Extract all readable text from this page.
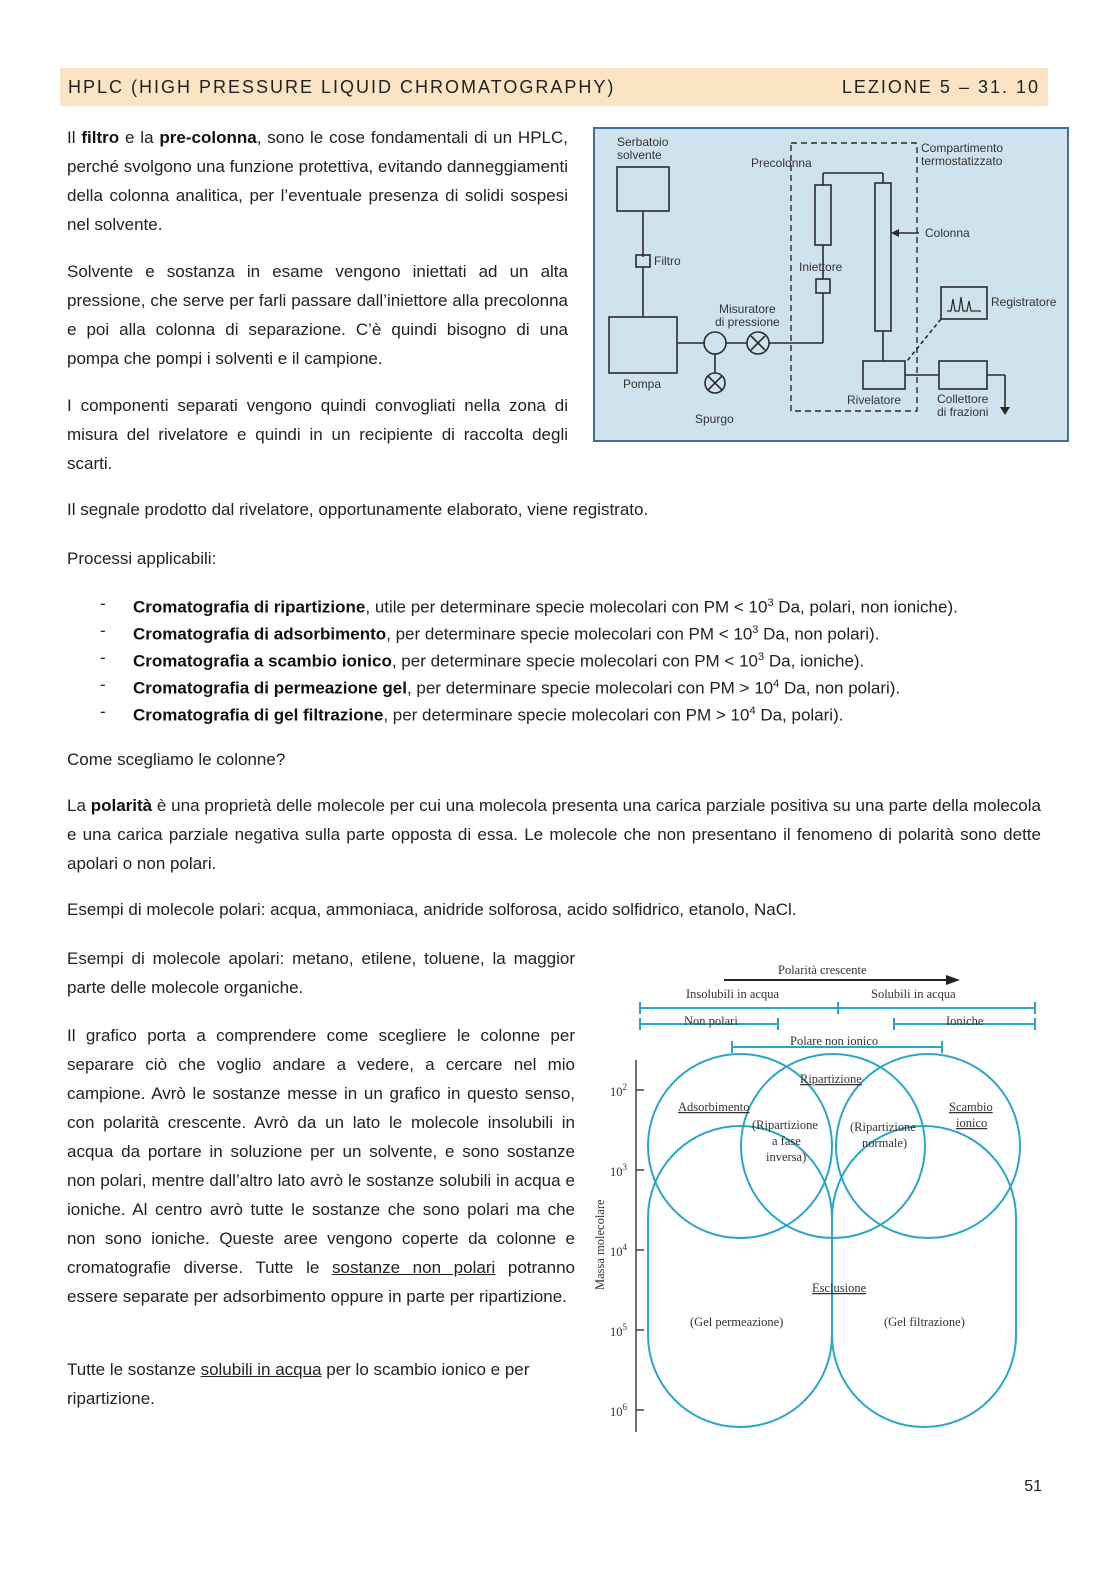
HPLC (HIGH PRESSURE LIQUID CHROMATOGRAPHY)	LEZIONE 5 – 31. 10

Il filtro e la pre-colonna, sono le cose fondamentali di un HPLC, perché svolgono una funzione protettiva, evitando danneggiamenti della colonna analitica, per l’eventuale presenza di solidi sospesi nel solvente.

Solvente e sostanza in esame vengono iniettati ad un alta pressione, che serve per farli passare dall’iniettore alla precolonna e poi alla colonna di separazione. C’è quindi bisogno di una pompa che pompi i solventi e il campione.

I componenti separati vengono quindi convogliati nella zona di misura del rivelatore e quindi in un recipiente di raccolta degli scarti.

Serbatoio
solvente
Filtro
Pompa
Spurgo
Misuratore
di pressione
Precolonna
Iniettore
Colonna
Compartimento
termostatizzato
Registratore
Rivelatore	Collettore
di frazioni

Il segnale prodotto dal rivelatore, opportunamente elaborato, viene registrato.

Processi applicabili:

- Cromatografia di ripartizione, utile per determinare specie molecolari con PM < $10^3$ Da, polari, non ioniche).
- Cromatografia di adsorbimento, per determinare specie molecolari con PM < $10^3$ Da, non polari).
- Cromatografia a scambio ionico, per determinare specie molecolari con PM < $10^3$ Da, ioniche).
- Cromatografia di permeazione gel, per determinare specie molecolari con PM > $10^4$ Da, non polari).
- Cromatografia di gel filtrazione, per determinare specie molecolari con PM > $10^4$ Da, polari).

Come scegliamo le colonne?

La polarità è una proprietà delle molecole per cui una molecola presenta una carica parziale positiva su una parte della molecola e una carica parziale negativa sulla parte opposta di essa. Le molecole che non presentano il fenomeno di polarità sono dette apolari o non polari.

Esempi di molecole polari: acqua, ammoniaca, anidride solforosa, acido solfidrico, etanolo, NaCl.

Esempi di molecole apolari: metano, etilene, toluene, la maggior parte delle molecole organiche.

Il grafico porta a comprendere come scegliere le colonne per separare ciò che voglio andare a vedere, a cercare nel mio campione. Avrò le sostanze messe in un grafico in questo senso, con polarità crescente. Avrò da un lato le molecole insolubili in acqua da portare in soluzione per un solvente, e sono sostanze non polari, mentre dall’altro lato avrò le sostanze solubili in acqua e ioniche. Al centro avrò tutte le sostanze che sono polari ma che non sono ioniche. Queste aree vengono coperte da colonne e cromatografie diverse. Tutte le sostanze non polari potranno essere separate per adsorbimento oppure in parte per ripartizione.

Tutte le sostanze solubili in acqua per lo scambio ionico e per ripartizione.

Polarità crescente
Insolubili in acqua	Solubili in acqua
Non polari	Ioniche
Polare non ionico
Ripartizione
Adsorbimento	Scambio
ionico
(Ripartizione
a fase
inversa)
(Ripartizione
normale)
Esclusione
(Gel permeazione)	(Gel filtrazione)
Massa molecolare
$10^2$
$10^3$
$10^4$
$10^5$
$10^6$
51
